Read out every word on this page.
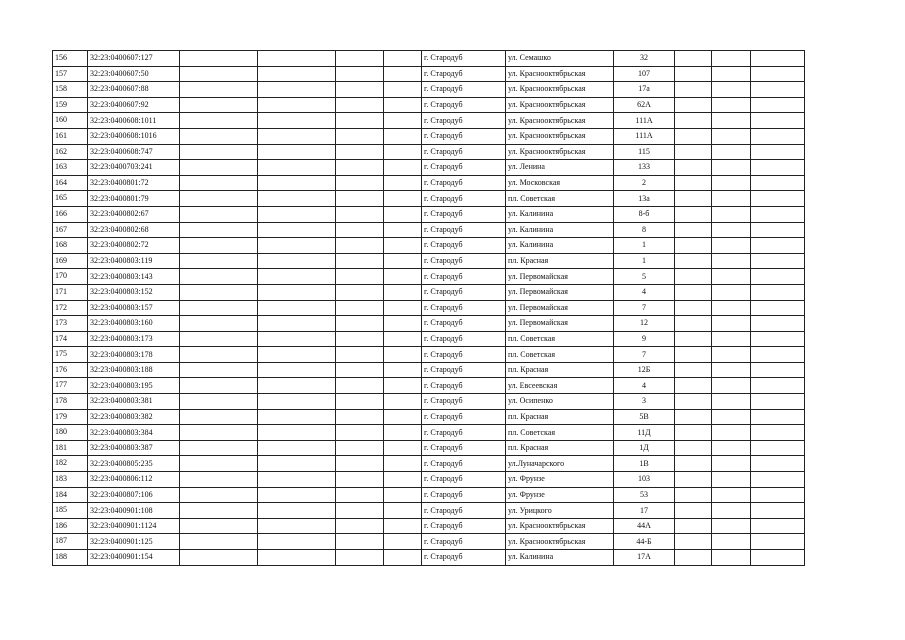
156	32:23:0400607:127					г. Стародуб	ул. Семашко	32			
157	32:23:0400607:50					г. Стародуб	ул. Краснооктябрьская	107			
158	32:23:0400607:88					г. Стародуб	ул. Краснооктябрьская	17а			
159	32:23:0400607:92					г. Стародуб	ул. Краснооктябрьская	62А			
160	32:23:0400608:1011					г. Стародуб	ул. Краснооктябрьская	111А			
161	32:23:0400608:1016					г. Стародуб	ул. Краснооктябрьская	111А			
162	32:23:0400608:747					г. Стародуб	ул. Краснооктябрьская	115			
163	32:23:0400703:241					г. Стародуб	ул. Ленина	133			
164	32:23:0400801:72					г. Стародуб	ул. Московская	2			
165	32:23:0400801:79					г. Стародуб	пл. Советская	13а			
166	32:23:0400802:67					г. Стародуб	ул. Калинина	8-б			
167	32:23:0400802:68					г. Стародуб	ул. Калинина	8			
168	32:23:0400802:72					г. Стародуб	ул. Калинина	1			
169	32:23:0400803:119					г. Стародуб	пл. Красная	1			
170	32:23:0400803:143					г. Стародуб	ул. Первомайская	5			
171	32:23:0400803:152					г. Стародуб	ул. Первомайская	4			
172	32:23:0400803:157					г. Стародуб	ул. Первомайская	7			
173	32:23:0400803:160					г. Стародуб	ул. Первомайская	12			
174	32:23:0400803:173					г. Стародуб	пл. Советская	9			
175	32:23:0400803:178					г. Стародуб	пл. Советская	7			
176	32:23:0400803:188					г. Стародуб	пл. Красная	12Б			
177	32:23:0400803:195					г. Стародуб	ул. Евсеевская	4			
178	32:23:0400803:381					г. Стародуб	ул. Осипенко	3			
179	32:23:0400803:382					г. Стародуб	пл. Красная	5В			
180	32:23:0400803:384					г. Стародуб	пл. Советская	11Д			
181	32:23:0400803:387					г. Стародуб	пл. Красная	1Д			
182	32:23:0400805:235					г. Стародуб	ул.Луначарского	1В			
183	32:23:0400806:112					г. Стародуб	ул. Фрунзе	103			
184	32:23:0400807:106					г. Стародуб	ул. Фрунзе	53			
185	32:23:0400901:108					г. Стародуб	ул. Урицкого	17			
186	32:23:0400901:1124					г. Стародуб	ул. Краснооктябрьская	44А			
187	32:23:0400901:125					г. Стародуб	ул. Краснооктябрьская	44-Б			
188	32:23:0400901:154					г. Стародуб	ул. Калинина	17А			
